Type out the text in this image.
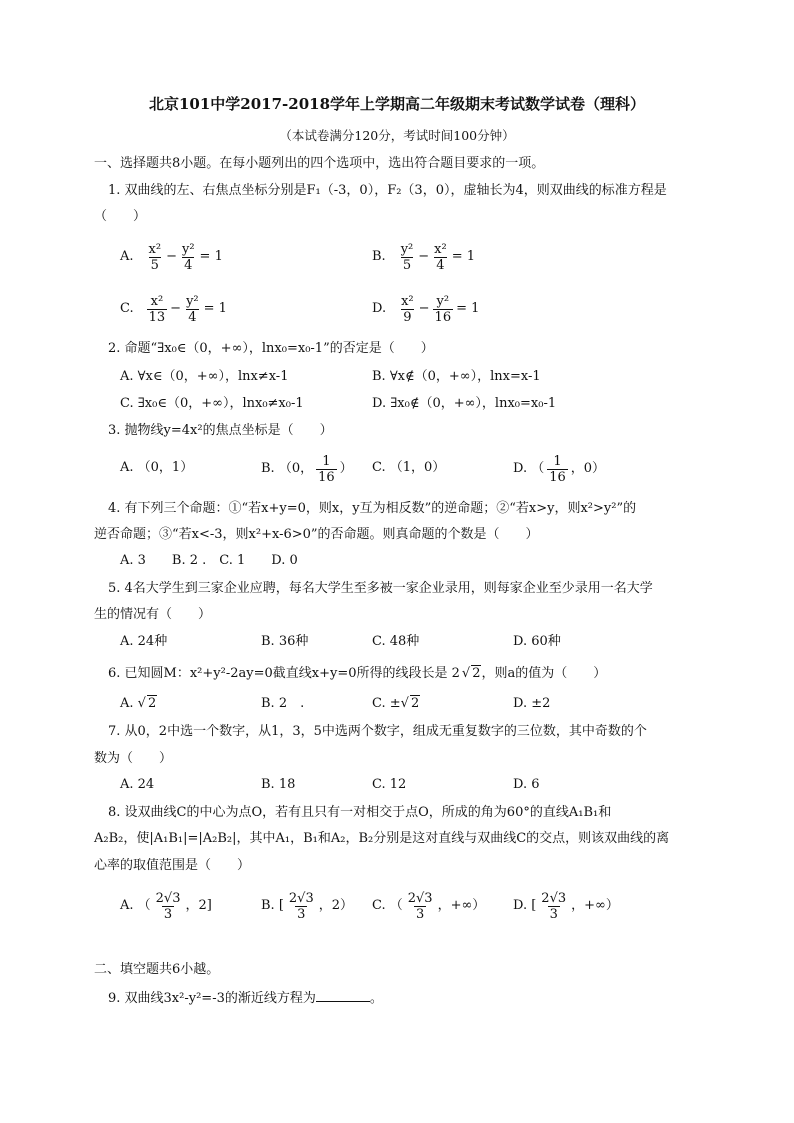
北京101中学2017-2018学年上学期高二年级期末考试数学试卷（理科）
（本试卷满分120分，考试时间100分钟）
一、选择题共8小题。在每小题列出的四个选项中，选出符合题目要求的一项。
1. 双曲线的左、右焦点坐标分别是F₁（-3，0），F₂（3，0），虚轴长为4，则双曲线的标准方程是
（　　）
A. $\frac{\text{x²}}{5} - \frac{\text{y²}}{4} = 1$	B. $\frac{\text{y²}}{5} - \frac{\text{x²}}{4} = 1$
C. $\frac{\text{x²}}{13} - \frac{\text{y²}}{4} = 1$	D. $\frac{\text{x²}}{9} - \frac{\text{y²}}{16} = 1$
2. 命题“∃x₀∈（0，+∞），lnx₀=x₀-1”的否定是（　　）
A. ∀x∈（0，+∞），lnx≠x-1	B. ∀x∉（0，+∞），lnx=x-1
C. ∃x₀∈（0，+∞），lnx₀≠x₀-1	D. ∃x₀∉（0，+∞），lnx₀=x₀-1
3. 抛物线y=4x²的焦点坐标是（　　）
A. （0，1）	B. （0， $\frac{1}{16}$ ） C. （1，0）	D. （ $\frac{1}{16}$ ，0）
4. 有下列三个命题：①“若x+y=0，则x，y互为相反数”的逆命题；②“若x>y，则x²>y²”的
逆否命题；③“若x<-3，则x²+x-6>0”的否命题。则真命题的个数是（　　）
A. 3　　B. 2 .　C. 1　　D. 0
5. 4名大学生到三家企业应聘，每名大学生至多被一家企业录用，则每家企业至少录用一名大学
生的情况有（　　）
A. 24种	B. 36种	C. 48种	D. 60种
6. 已知圆M：x²+y²-2ay=0截直线x+y=0所得的线段长是 2 √ 2，则a的值为（　　）
A. √ 2	B. 2　.	C. ±√ 2	D. ±2
7. 从0，2中选一个数字，从1，3，5中选两个数字，组成无重复数字的三位数，其中奇数的个
数为（　　）
A. 24	B. 18	C. 12	D. 6
8. 设双曲线C的中心为点O，若有且只有一对相交于点O，所成的角为60°的直线A₁B₁和
A₂B₂，使|A₁B₁|=|A₂B₂|，其中A₁，B₁和A₂，B₂分别是这对直线与双曲线C的交点，则该双曲线的离
心率的取值范围是（　　）
A. （ $\frac{2√3}{3}$ ，2]	B. [ $\frac{2√3}{3}$ ，2） C. （ $\frac{2√3}{3}$ ，+∞） D. [ $\frac{2√3}{3}$ ，+∞）
二、填空题共6小越。
9. 双曲线3x²-y²=-3的渐近线方程为	。
